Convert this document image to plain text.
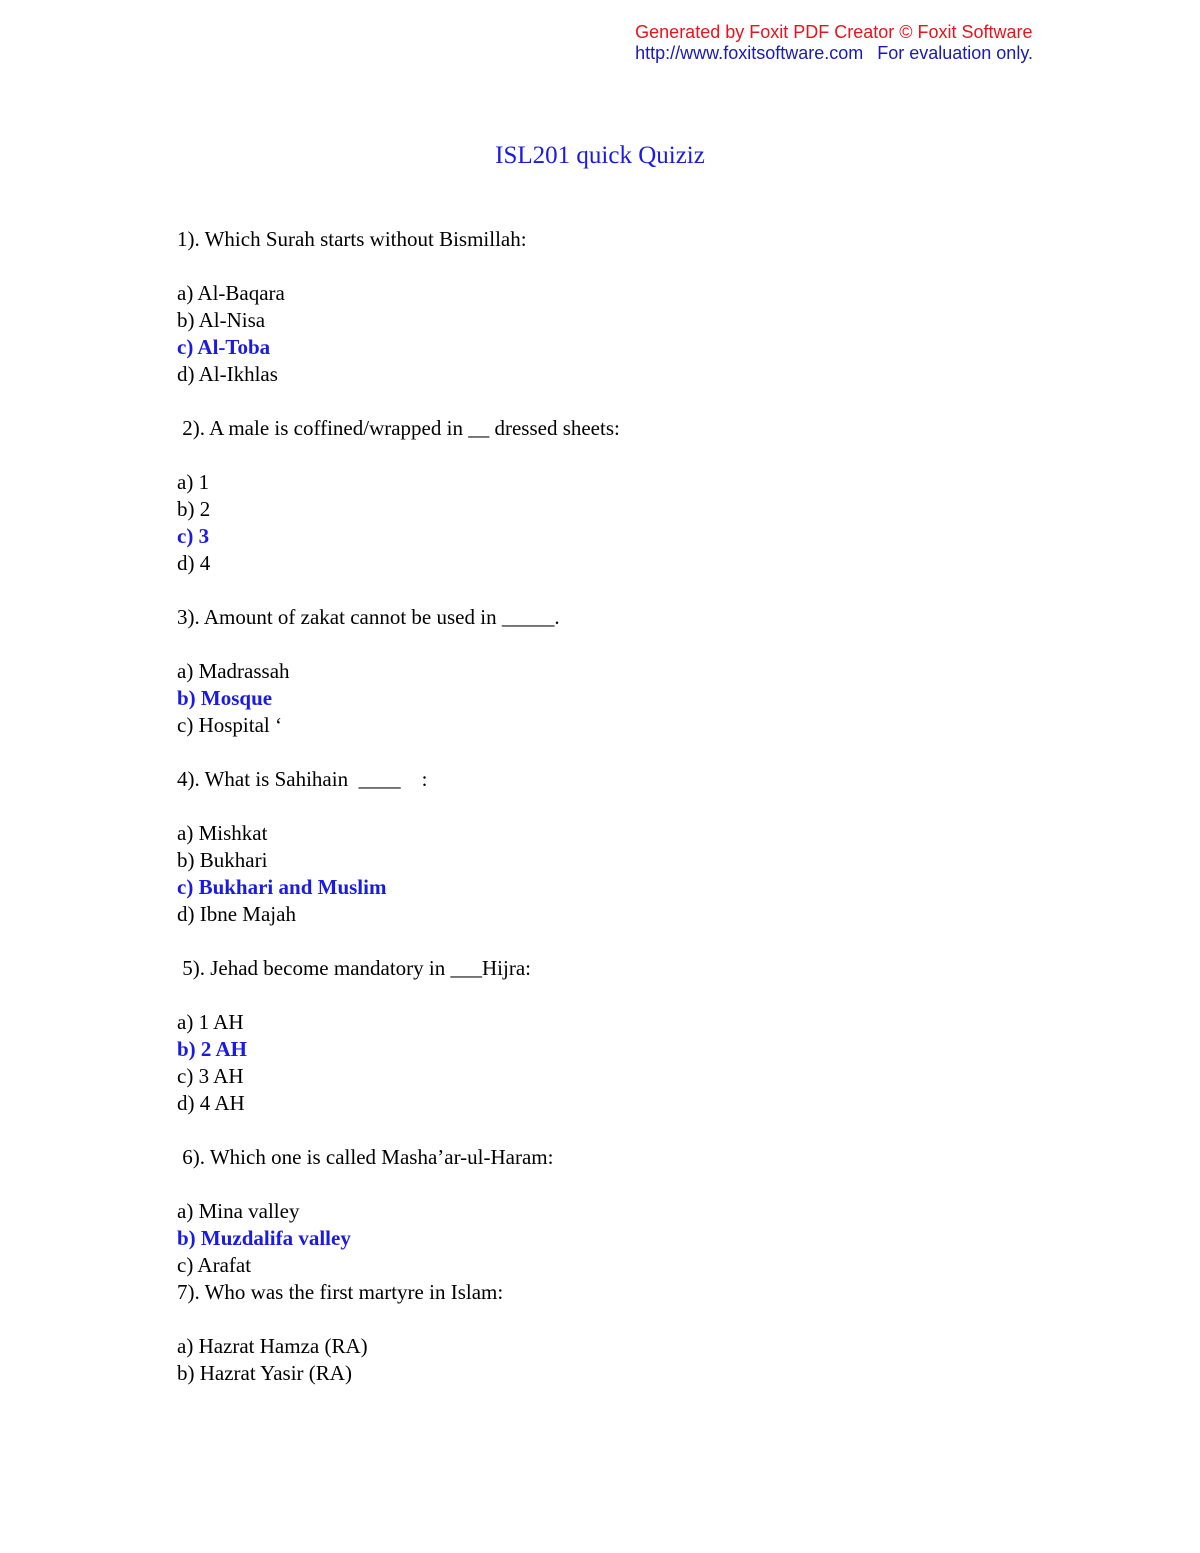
Generated by Foxit PDF Creator © Foxit Software
http://www.foxitsoftware.com For evaluation only.
ISL201 quick Quiziz

1). Which Surah starts without Bismillah:

a) Al-Baqara

b) Al-Nisa

c) Al-Toba

d) Al-Ikhlas

2). A male is coffined/wrapped in __ dressed sheets:

a) 1

b) 2

c) 3

d) 4

3). Amount of zakat cannot be used in _____.

a) Madrassah

b) Mosque

c) Hospital ‘

4). What is Sahihain  ____    :

a) Mishkat

b) Bukhari

c) Bukhari and Muslim

d) Ibne Majah

5). Jehad become mandatory in ___Hijra:

a) 1 AH

b) 2 AH

c) 3 AH

d) 4 AH

6). Which one is called Masha’ar-ul-Haram:

a) Mina valley

b) Muzdalifa valley

c) Arafat

7). Who was the first martyre in Islam:

a) Hazrat Hamza (RA)

b) Hazrat Yasir (RA)
